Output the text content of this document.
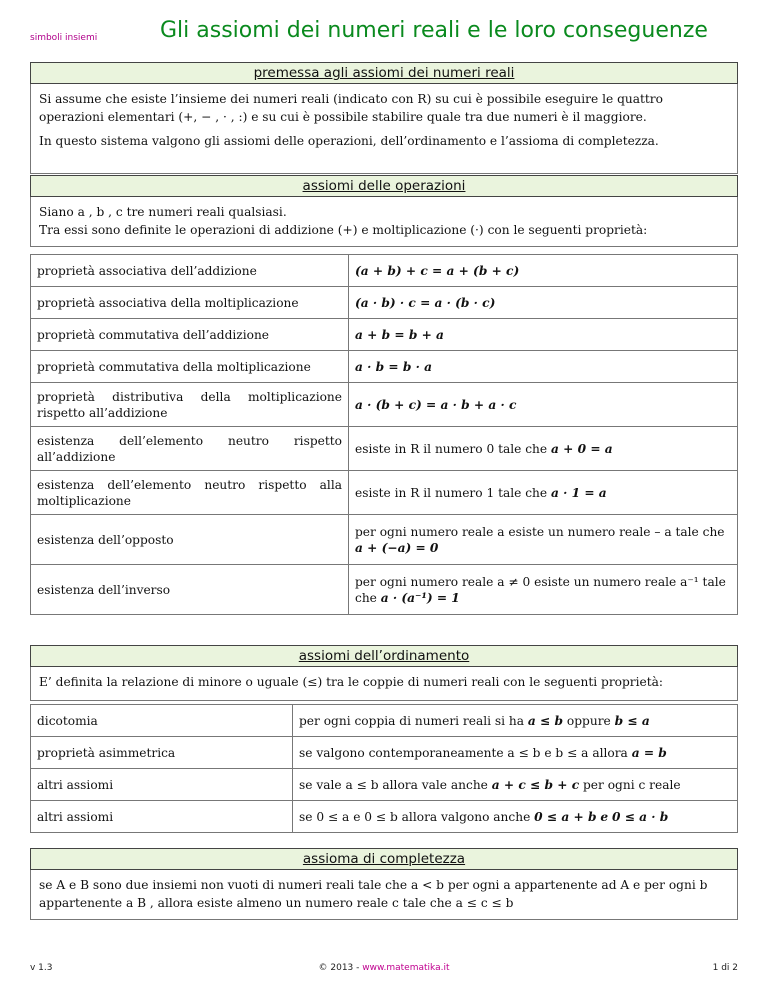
simboli insiemi	Gli assiomi dei numeri reali e le loro conseguenze
premessa agli assiomi dei numeri reali

Si assume che esiste l’insieme dei numeri reali (indicato con R) su cui è possibile eseguire le quattro operazioni elementari (+, − , · , :) e su cui è possibile stabilire quale tra due numeri è il maggiore.

In questo sistema valgono gli assiomi delle operazioni, dell’ordinamento e l’assioma di completezza.

assiomi delle operazioni

Siano a , b , c tre numeri reali qualsiasi.

Tra essi sono definite le operazioni di addizione (+) e moltiplicazione (·) con le seguenti proprietà:

proprietà associativa dell’addizione	(a + b) + c = a + (b + c)
proprietà associativa della moltiplicazione	(a · b) · c = a · (b · c)
proprietà commutativa dell’addizione	a + b = b + a
proprietà commutativa della moltiplicazione	a · b = b · a
proprietà distributiva della moltiplicazione rispetto all’addizione	a · (b + c) = a · b + a · c
esistenza dell’elemento neutro rispetto all’addizione	esiste in R il numero 0 tale che a + 0 = a
esistenza dell’elemento neutro rispetto alla moltiplicazione	esiste in R il numero 1 tale che a · 1 = a
esistenza dell’opposto	per ogni numero reale a esiste un numero reale – a tale che a + (−a) = 0
esistenza dell’inverso	per ogni numero reale a ≠ 0 esiste un numero reale a⁻¹ tale che a · (a⁻¹) = 1
assiomi dell’ordinamento

E’ definita la relazione di minore o uguale (≤) tra le coppie di numeri reali con le seguenti proprietà:

dicotomia	per ogni coppia di numeri reali si ha a ≤ b oppure b ≤ a
proprietà asimmetrica	se valgono contemporaneamente a ≤ b e b ≤ a allora a = b
altri assiomi	se vale a ≤ b allora vale anche a + c ≤ b + c per ogni c reale
altri assiomi	se 0 ≤ a e 0 ≤ b allora valgono anche 0 ≤ a + b e 0 ≤ a · b
assioma di completezza

se A e B sono due insiemi non vuoti di numeri reali tale che a < b per ogni a appartenente ad A e per ogni b appartenente a B , allora esiste almeno un numero reale c tale che a ≤ c ≤ b

v 1.3	© 2013 - www.matematika.it	1 di 2
